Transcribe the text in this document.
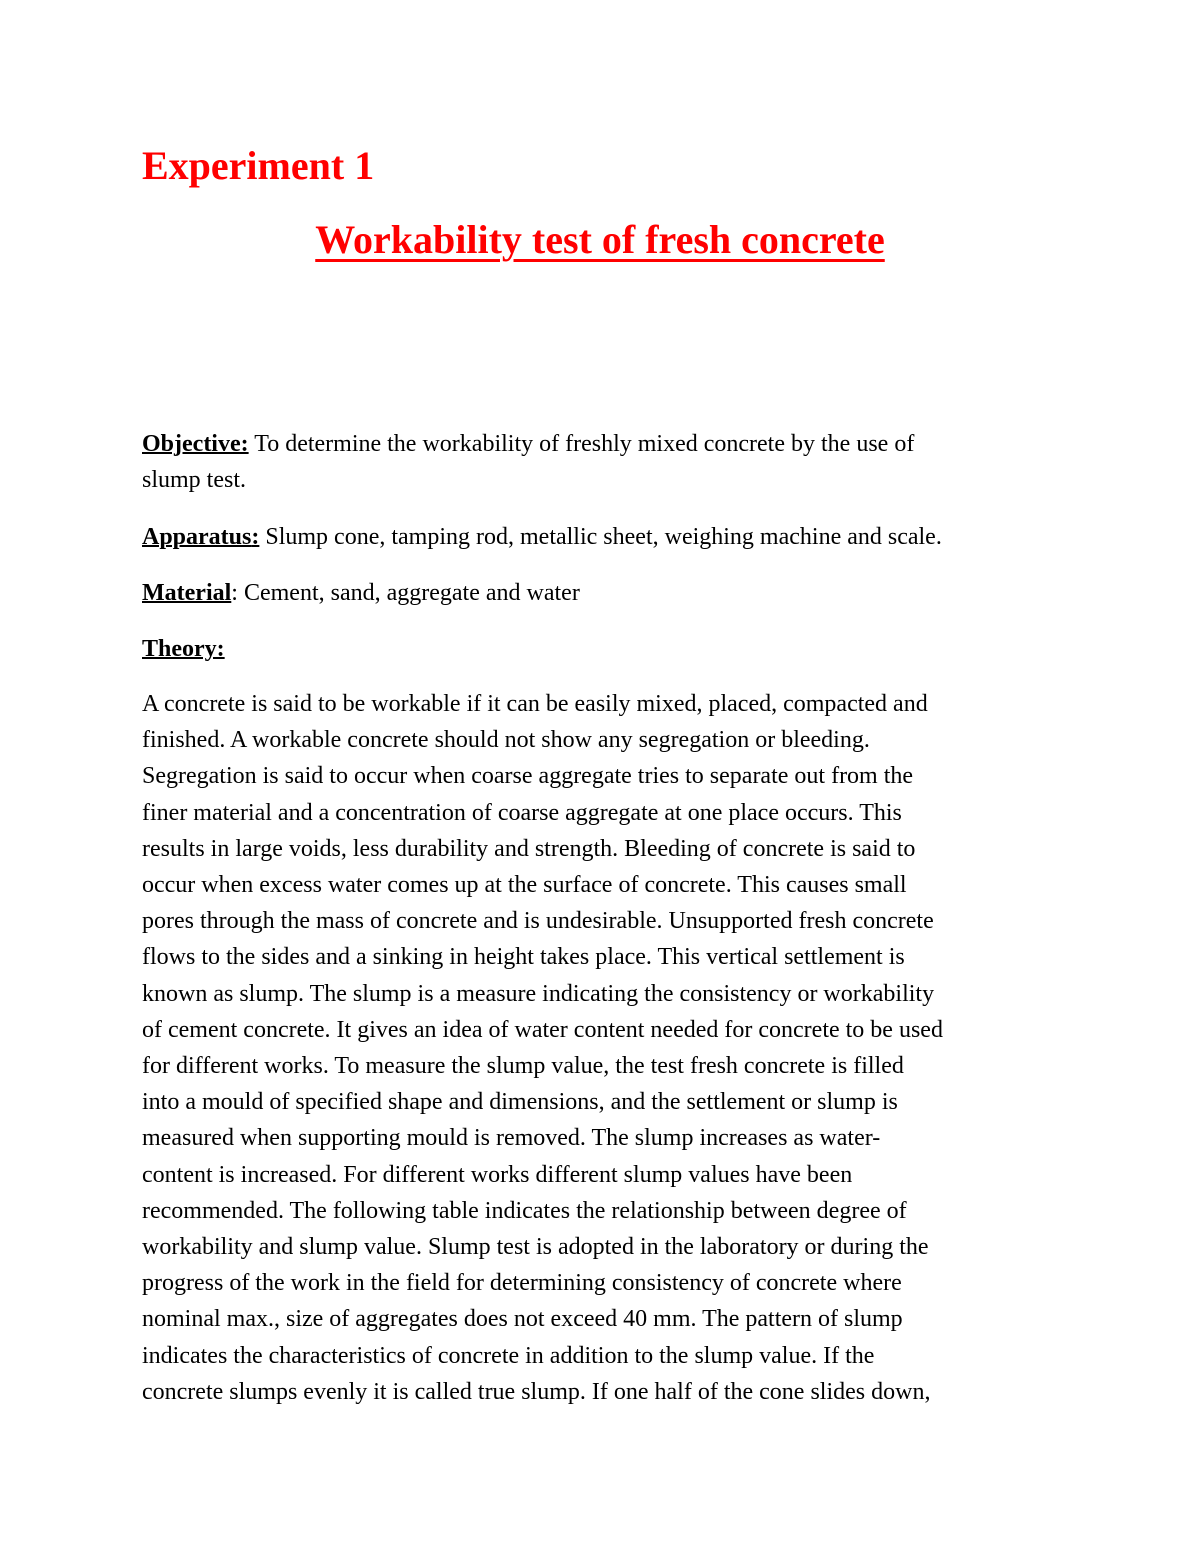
Experiment 1
Workability test of fresh concrete

Objective: To determine the workability of freshly mixed concrete by the use of
slump test.

Apparatus: Slump cone, tamping rod, metallic sheet, weighing machine and scale.

Material: Cement, sand, aggregate and water

Theory:

A concrete is said to be workable if it can be easily mixed, placed, compacted and
finished. A workable concrete should not show any segregation or bleeding.
Segregation is said to occur when coarse aggregate tries to separate out from the
finer material and a concentration of coarse aggregate at one place occurs. This
results in large voids, less durability and strength. Bleeding of concrete is said to
occur when excess water comes up at the surface of concrete. This causes small
pores through the mass of concrete and is undesirable. Unsupported fresh concrete
flows to the sides and a sinking in height takes place. This vertical settlement is
known as slump. The slump is a measure indicating the consistency or workability
of cement concrete. It gives an idea of water content needed for concrete to be used
for different works. To measure the slump value, the test fresh concrete is filled
into a mould of specified shape and dimensions, and the settlement or slump is
measured when supporting mould is removed. The slump increases as water-
content is increased. For different works different slump values have been
recommended. The following table indicates the relationship between degree of
workability and slump value. Slump test is adopted in the laboratory or during the
progress of the work in the field for determining consistency of concrete where
nominal max., size of aggregates does not exceed 40 mm. The pattern of slump
indicates the characteristics of concrete in addition to the slump value. If the
concrete slumps evenly it is called true slump. If one half of the cone slides down,
